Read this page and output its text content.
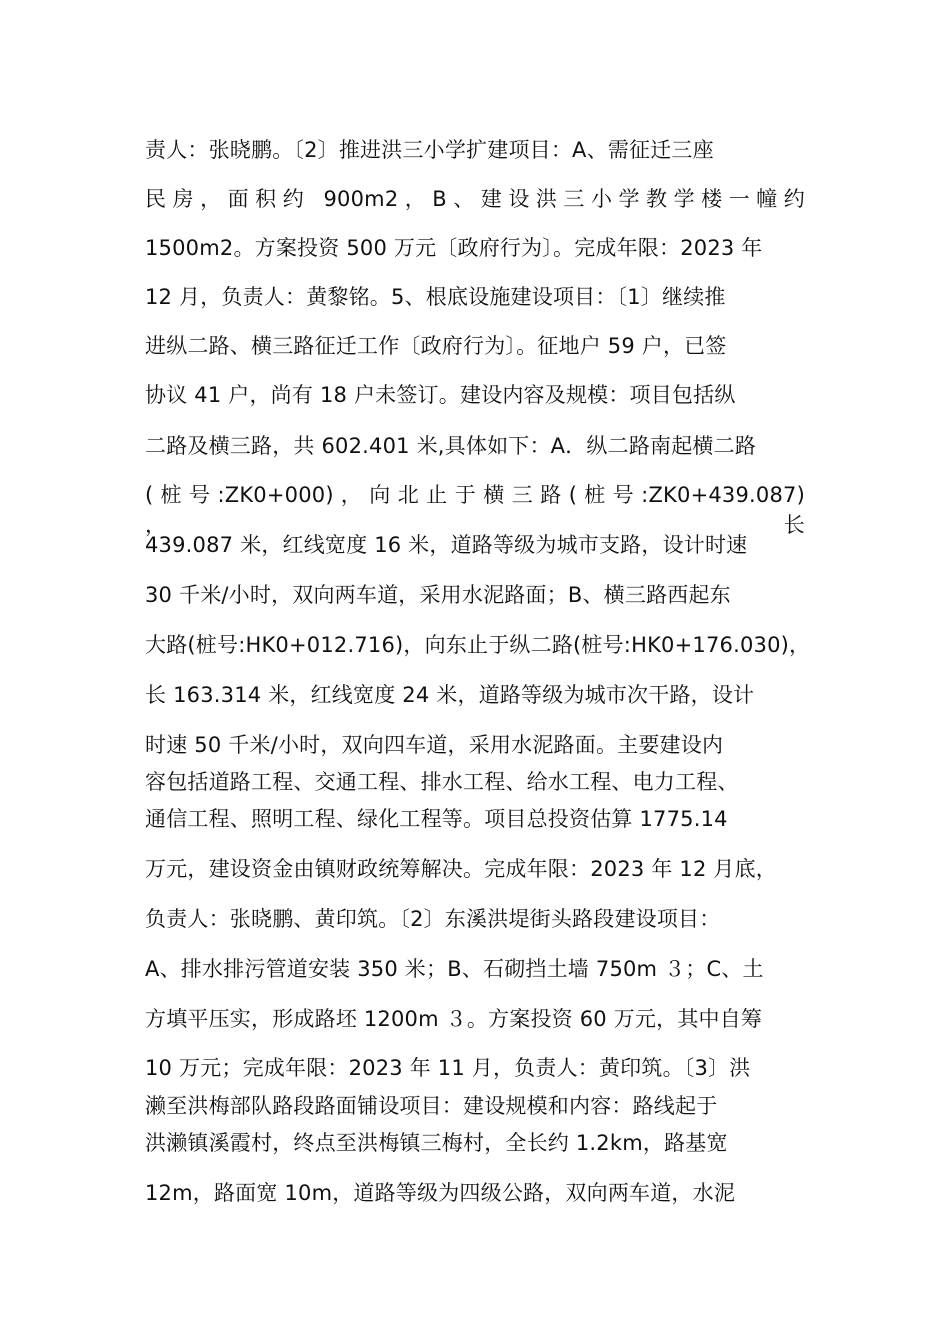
责人：张晓鹏。〔2〕推进洪三小学扩建项目：A、需征迁三座
民房，面积约 900m2，B、建设洪三小学教学楼一幢约
1500m2。方案投资 500 万元〔政府行为〕。完成年限：2023 年
12 月，负责人：黄黎铭。5、根底设施建设项目：〔1〕继续推
进纵二路、横三路征迁工作〔政府行为〕。征地户 59 户，已签
协议 41 户，尚有 18 户未签订。建设内容及规模：项目包括纵
二路及横三路，共 602.401 米,具体如下：A．纵二路南起横二路
( 桩 号 :ZK0+000) ， 向 北 止 于 横 三 路 ( 桩 号 :ZK0+439.087) ， 长
439.087 米，红线宽度 16 米，道路等级为城市支路，设计时速
30 千米/小时，双向两车道，采用水泥路面；B、横三路西起东
大路(桩号:HK0+012.716)，向东止于纵二路(桩号:HK0+176.030)，
长 163.314 米，红线宽度 24 米，道路等级为城市次干路，设计
时速 50 千米/小时，双向四车道，采用水泥路面。主要建设内
容包括道路工程、交通工程、排水工程、给水工程、电力工程、
通信工程、照明工程、绿化工程等。项目总投资估算 1775.14
万元，建设资金由镇财政统筹解决。完成年限：2023 年 12 月底，
负责人：张晓鹏、黄印筑。〔2〕东溪洪堤街头路段建设项目：
A、排水排污管道安装 350 米；B、石砌挡土墙 750m ３；C、土
方填平压实，形成路坯 1200m ３。方案投资 60 万元，其中自筹
10 万元；完成年限：2023 年 11 月，负责人：黄印筑。〔3〕洪
濑至洪梅部队路段路面铺设项目：建设规模和内容：路线起于
洪濑镇溪霞村，终点至洪梅镇三梅村，全长约 1.2km，路基宽
12m，路面宽 10m，道路等级为四级公路，双向两车道，水泥
